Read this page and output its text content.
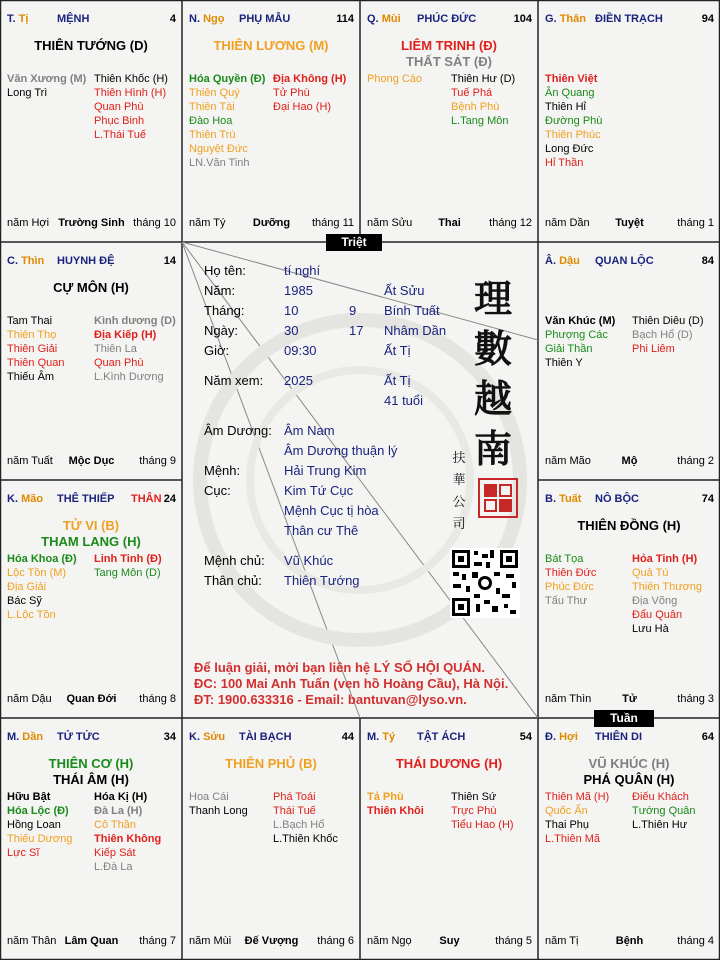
T. Tị	MỆNH	4
THIÊN TƯỚNG (D)
Văn Xương (M)
Long Trì
Thiên Khốc (H)
Thiên Hình (H)
Quan Phù
Phục Binh
L.Thái Tuế
năm Hợi Trường Sinh tháng 10
N. Ngọ PHỤ MẪU	114
THIÊN LƯƠNG (M)
Hóa Quyền (Đ)
Thiên Quý
Thiên Tài
Đào Hoa
Thiên Trù
Nguyệt Đức
LN.Văn Tinh
Địa Không (H)
Tử Phù
Đại Hao (H)
năm Tý	Dưỡng	tháng 11
Q. Mùi PHÚC ĐỨC	104
LIÊM TRINH (Đ)
THẤT SÁT (Đ)
Phong Cáo	Thiên Hư (D)
Tuế Phá
Bệnh Phù
L.Tang Môn
năm Sửu	Thai	tháng 12
G. Thân ĐIỀN TRẠCH	94
Thiên Việt
Ân Quang
Thiên Hỉ
Đường Phù
Thiên Phúc
Long Đức
Hỉ Thần
năm Dần	Tuyệt	tháng 1
C. Thìn HUYNH ĐỆ	14
CỰ MÔN (H)
Tam Thai
Thiên Thọ
Thiên Giải
Thiên Quan
Thiếu Âm
Kình dương (D)
Địa Kiếp (H)
Thiên La
Quan Phù
L.Kình Dương
năm Tuất	Mộc Dục	tháng 9
Â. Dậu QUAN LỘC	84
Văn Khúc (M)
Phượng Các
Giải Thần
Thiên Y
Thiên Diêu (D)
Bạch Hổ (D)
Phi Liêm
năm Mão	Mộ	tháng 2
K. Mão THÊ THIẾP THÂN 24
TỬ VI (B)
THAM LANG (H)
Hóa Khoa (Đ)
Lộc Tồn (M)
Địa Giải
Bác Sỹ
L.Lộc Tồn
Linh Tinh (Đ)
Tang Môn (D)
năm Dậu	Quan Đới	tháng 8
B. Tuất NÔ BỘC	74
THIÊN ĐỒNG (H)
Bát Tọa
Thiên Đức
Phúc Đức
Tấu Thư
Hỏa Tinh (H)
Quả Tú
Thiên Thương
Địa Võng
Đẩu Quân
Lưu Hà
năm Thìn	Tử	tháng 3
M. Dần TỬ TỨC	34
THIÊN CƠ (H)
THÁI ÂM (H)
Hữu Bật
Hóa Lộc (Đ)
Hồng Loan
Thiếu Dương
Lực Sĩ
Hóa Kị (H)
Đà La (H)
Cô Thần
Thiên Không
Kiếp Sát
L.Đà La
năm Thân Lâm Quan	tháng 7
K. Sửu TÀI BẠCH	44
THIÊN PHỦ (B)
Hoa Cái
Thanh Long
Phá Toái
Thái Tuế
L.Bạch Hổ
L.Thiên Khốc
năm Mùi	Đế Vượng	tháng 6
M. Tý TẬT ÁCH	54
THÁI DƯƠNG (H)
Tả Phù
Thiên Khôi
Thiên Sứ
Trực Phù
Tiểu Hao (H)
năm Ngọ	Suy	tháng 5
Đ. Hợi THIÊN DI	64
VŨ KHÚC (H)
PHÁ QUÂN (H)
Thiên Mã (H)
Quốc Ấn
Thai Phụ
L.Thiên Mã
Điếu Khách
Tướng Quân
L.Thiên Hư
năm Tị	Bệnh	tháng 4
Triệt
Tuần
Họ tên:	tí nghí
Năm:	1985	Ất Sửu
Tháng:	10	9 Bính Tuất
Ngày:	30	17 Nhâm Dần
Giờ:	09:30	Ất Tị
Năm xem: 2025	Ất Tị
41 tuổi
Âm Dương: Âm Nam
Âm Dương thuận lý
Mệnh:	Hải Trung Kim
Cục:	Kim Tứ Cục
Mệnh Cục tị hòa
Thân cư Thê
Mệnh chủ: Vũ Khúc
Thân chủ: Thiên Tướng
理
數
越
南
扶
華
公
司
Để luận giải, mời bạn liên hệ LÝ SỐ HỘI QUÁN.
ĐC: 100 Mai Anh Tuấn (ven hồ Hoàng Cầu), Hà Nội.
ĐT: 1900.633316 - Email: bantuvan@lyso.vn.
